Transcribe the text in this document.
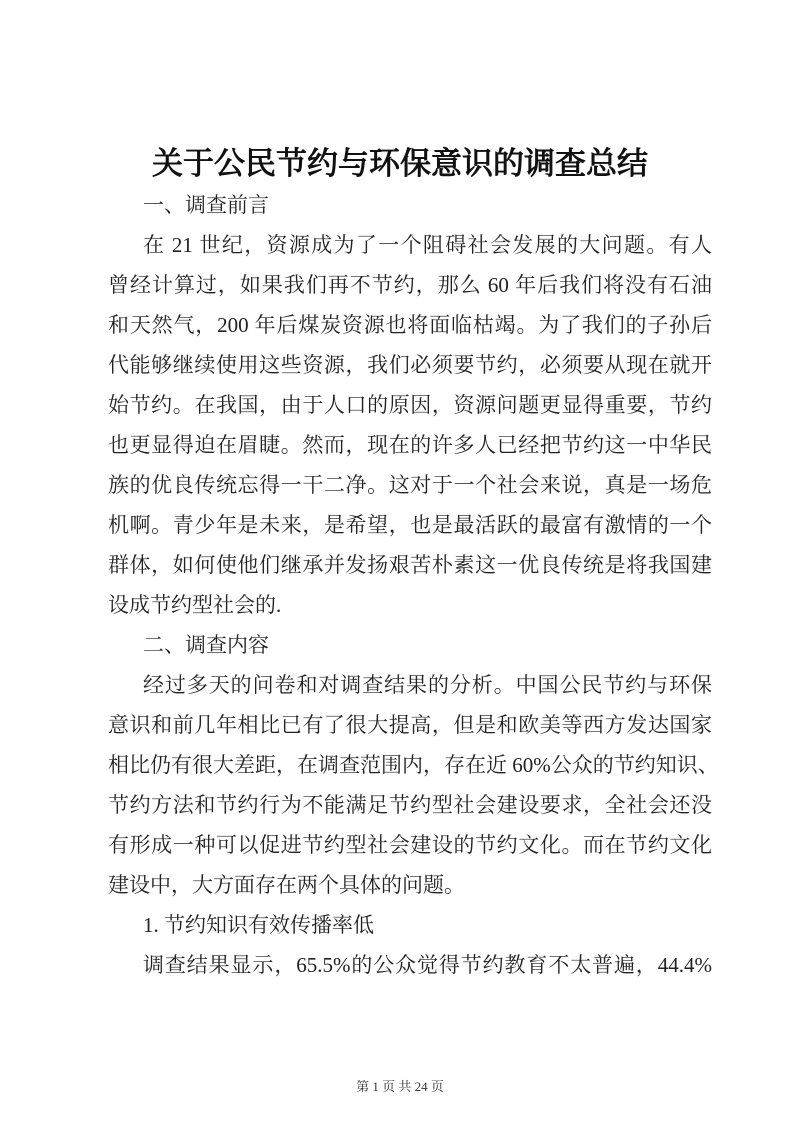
关于公民节约与环保意识的调查总结
一、调查前言
在 21 世纪，资源成为了一个阻碍社会发展的大问题。有人
曾经计算过，如果我们再不节约，那么 60 年后我们将没有石油
和天然气，200 年后煤炭资源也将面临枯竭。为了我们的子孙后
代能够继续使用这些资源，我们必须要节约，必须要从现在就开
始节约。在我国，由于人口的原因，资源问题更显得重要，节约
也更显得迫在眉睫。然而，现在的许多人已经把节约这一中华民
族的优良传统忘得一干二净。这对于一个社会来说，真是一场危
机啊。青少年是未来，是希望，也是最活跃的最富有激情的一个
群体，如何使他们继承并发扬艰苦朴素这一优良传统是将我国建
设成节约型社会的.
二、调查内容
经过多天的问卷和对调查结果的分析。中国公民节约与环保
意识和前几年相比已有了很大提高，但是和欧美等西方发达国家
相比仍有很大差距，在调查范围内，存在近 60%公众的节约知识、
节约方法和节约行为不能满足节约型社会建设要求，全社会还没
有形成一种可以促进节约型社会建设的节约文化。而在节约文化
建设中，大方面存在两个具体的问题。
1. 节约知识有效传播率低
调查结果显示，65.5%的公众觉得节约教育不太普遍，44.4%
第 1 页 共 24 页
